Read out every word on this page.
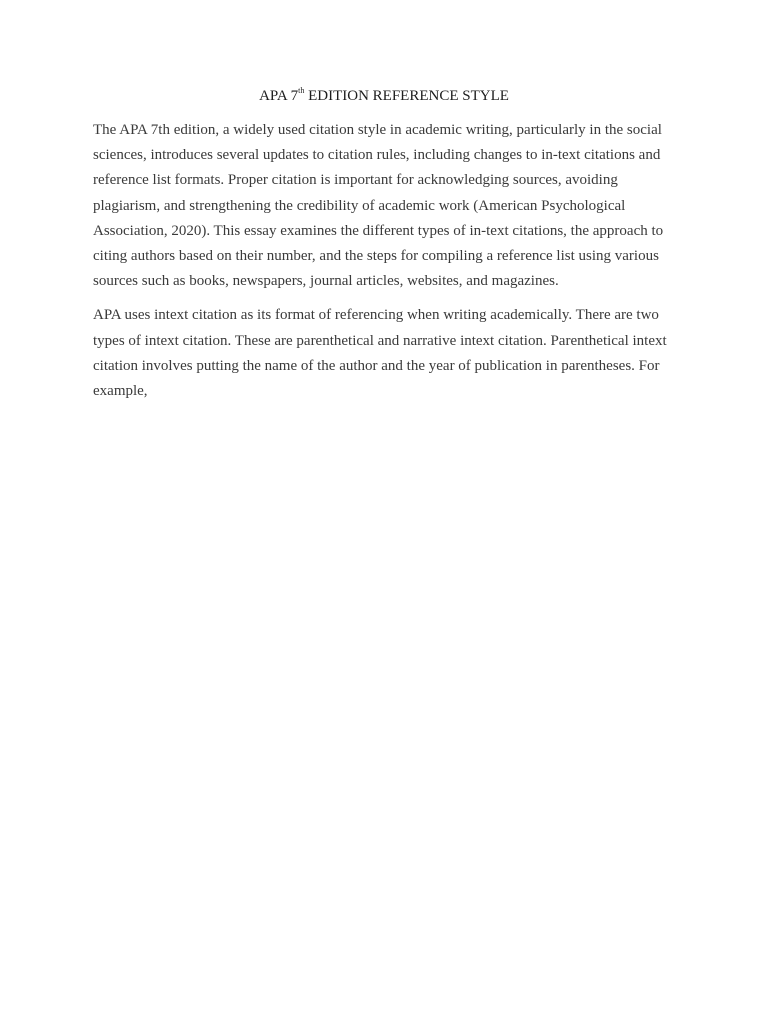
APA 7th EDITION REFERENCE STYLE

The APA 7th edition, a widely used citation style in academic writing, particularly in the social sciences, introduces several updates to citation rules, including changes to in-text citations and reference list formats. Proper citation is important for acknowledging sources, avoiding plagiarism, and strengthening the credibility of academic work (American Psychological Association, 2020). This essay examines the different types of in-text citations, the approach to citing authors based on their number, and the steps for compiling a reference list using various sources such as books, newspapers, journal articles, websites, and magazines.

APA uses intext citation as its format of referencing when writing academically. There are two types of intext citation. These are parenthetical and narrative intext citation. Parenthetical intext citation involves putting the name of the author and the year of publication in parentheses. For example,
